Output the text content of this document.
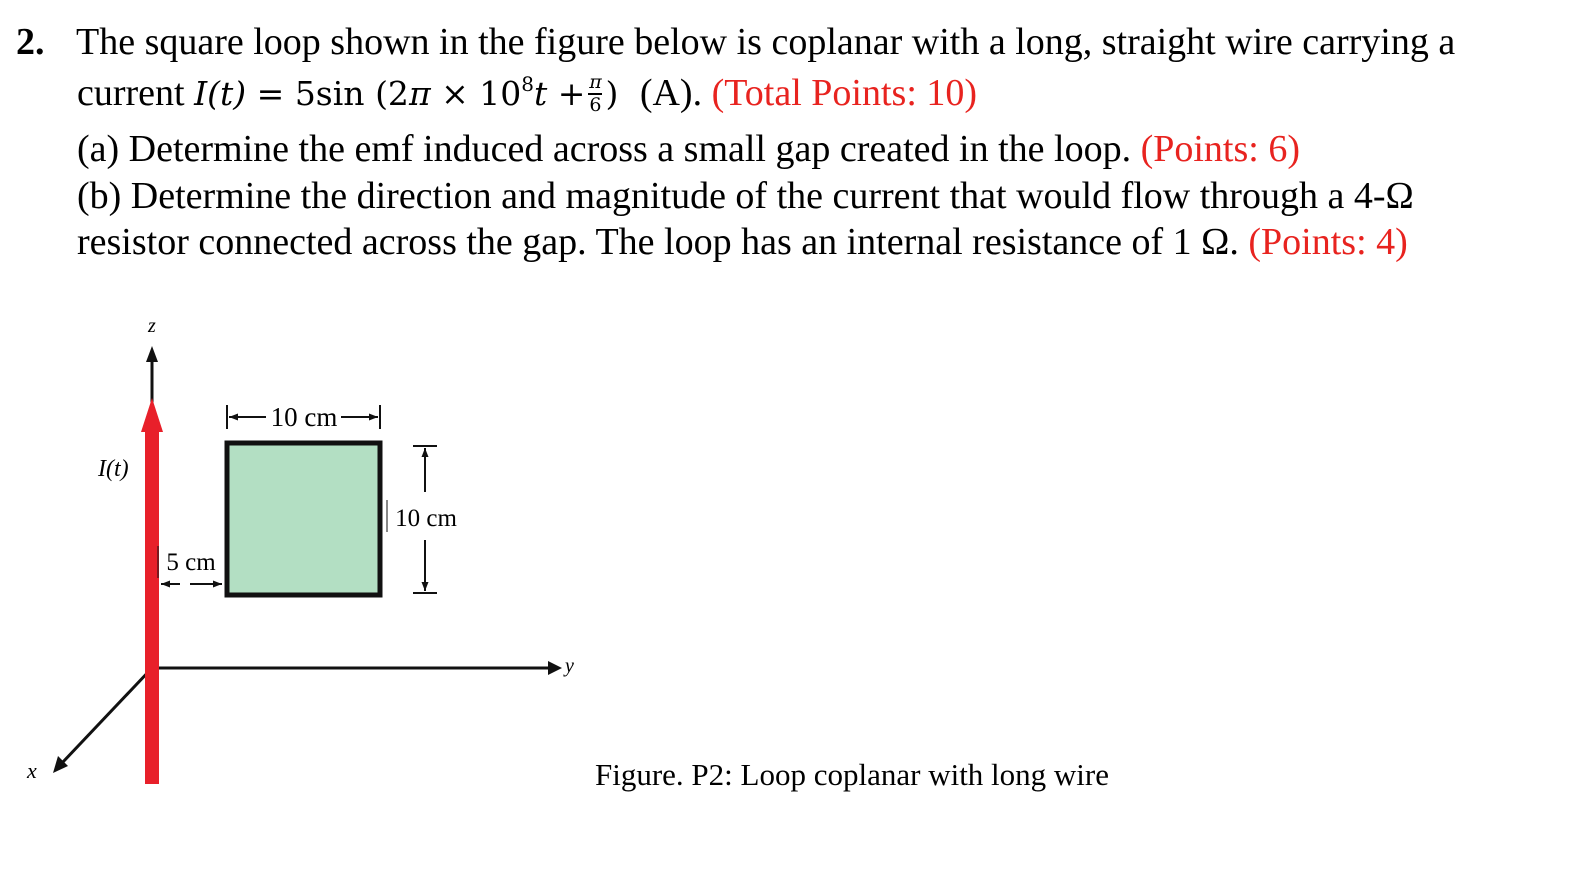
2. The square loop shown in the figure below is coplanar with a long, straight wire carrying a
current I(t) = 5sin ($2\pi \times 10^8t + \frac{\pi}{6}$ ) (A). (Total Points: 10)
(a) Determine the emf induced across a small gap created in the loop. (Points: 6)
(b) Determine the direction and magnitude of the current that would flow through a 4-Ω
resistor connected across the gap. The loop has an internal resistance of 1 Ω. (Points: 4)
y
x
z
I(t)
10 cm
10 cm
5 cm
Figure. P2: Loop coplanar with long wire
